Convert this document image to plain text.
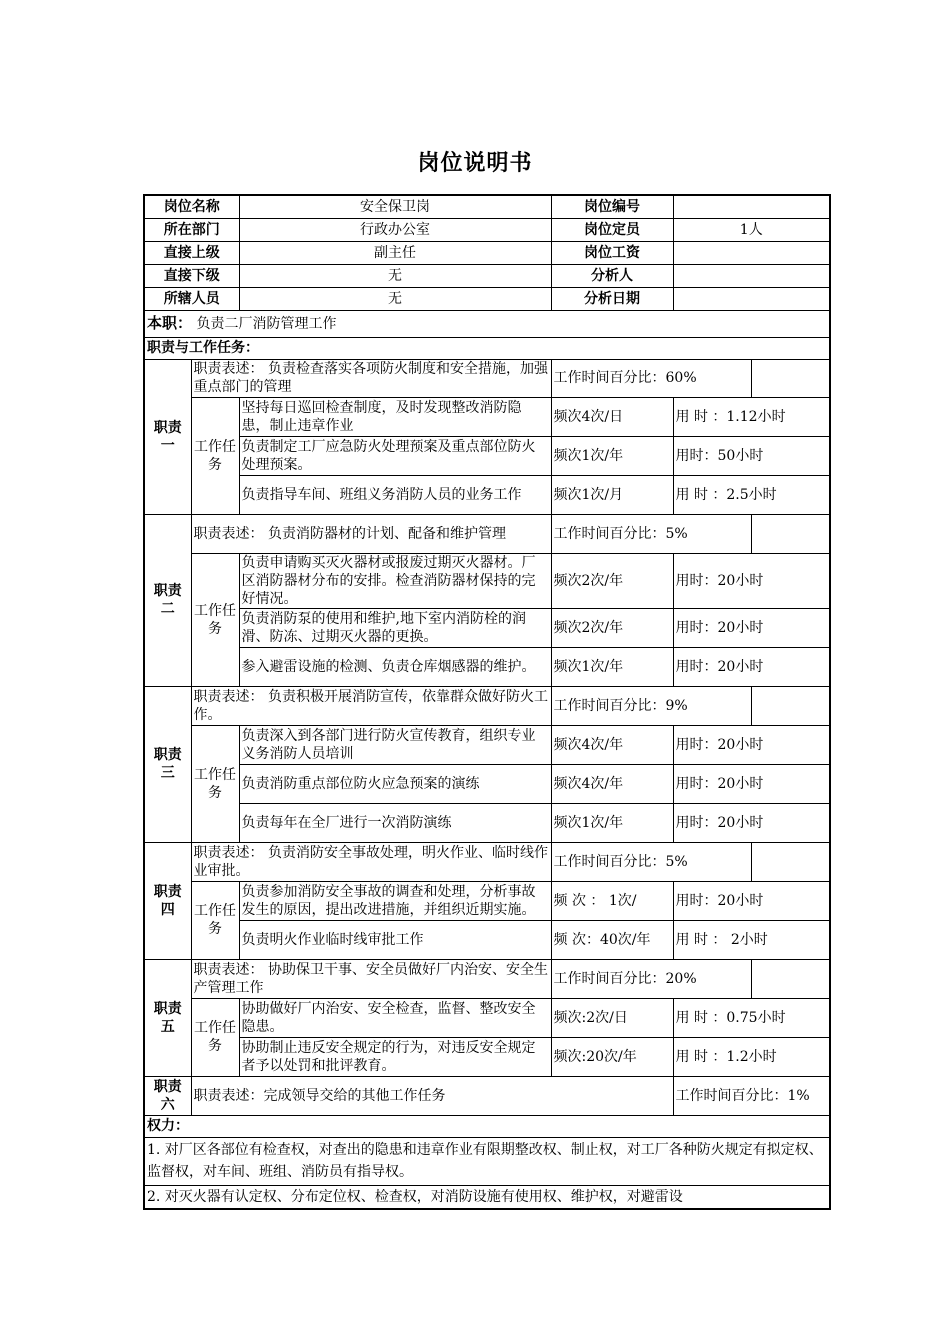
岗位说明书
岗位名称		安全保卫岗	岗位编号	
所在部门		行政办公室	岗位定员	1人
直接上级		副主任	岗位工资	
直接下级		无	分析人	
所辖人员		无	分析日期	
本职： 负责二厂消防管理工作				
职责与工作任务：				
职责一	职责表述： 负责检查落实各项防火制度和安全措施，加强重点部门的管理		工作时间百分比：60%	
	工作任务	坚持每日巡回检查制度，及时发现整改消防隐患，制止违章作业	频次4次/日	用 时 ：1.12小时
		负责制定工厂应急防火处理预案及重点部位防火处理预案。	频次1次/年	用时：50小时
		负责指导车间、班组义务消防人员的业务工作	频次1次/月	用 时 ：2.5小时
职责二	职责表述： 负责消防器材的计划、配备和维护管理		工作时间百分比：5%	
	工作任务	负责申请购买灭火器材或报废过期灭火器材。厂区消防器材分布的安排。检查消防器材保持的完好情况。	频次2次/年	用时：20小时
		负责消防泵的使用和维护,地下室内消防栓的润滑、防冻、过期灭火器的更换。	频次2次/年	用时：20小时
		参入避雷设施的检测、负责仓库烟感器的维护。	频次1次/年	用时：20小时
职责三	职责表述： 负责积极开展消防宣传，依靠群众做好防火工作。		工作时间百分比：9%	
	工作任务	负责深入到各部门进行防火宣传教育，组织专业义务消防人员培训	频次4次/年	用时：20小时
		负责消防重点部位防火应急预案的演练	频次4次/年	用时：20小时
		负责每年在全厂进行一次消防演练	频次1次/年	用时：20小时
职责四	职责表述： 负责消防安全事故处理，明火作业、临时线作业审批。		工作时间百分比：5%	
	工作任务	负责参加消防安全事故的调查和处理，分析事故发生的原因，提出改进措施，并组织近期实施。	频 次 ： 1次/	用时：20小时
		负责明火作业临时线审批工作	频 次：40次/年	用 时 ： 2小时
职责五	职责表述： 协助保卫干事、安全员做好厂内治安、安全生产管理工作		工作时间百分比：20%	
	工作任务	协助做好厂内治安、安全检查，监督、整改安全隐患。	频次:2次/日	用 时 ：0.75小时
		协助制止违反安全规定的行为，对违反安全规定者予以处罚和批评教育。	频次:20次/年	用 时 ：1.2小时
职责六	职责表述：完成领导交给的其他工作任务			工作时间百分比：1%
权力：				
1. 对厂区各部位有检查权，对查出的隐患和违章作业有限期整改权、制止权，对工厂各种防火规定有拟定权、监督权，对车间、班组、消防员有指导权。				
2. 对灭火器有认定权、分布定位权、检查权，对消防设施有使用权、维护权，对避雷设				
